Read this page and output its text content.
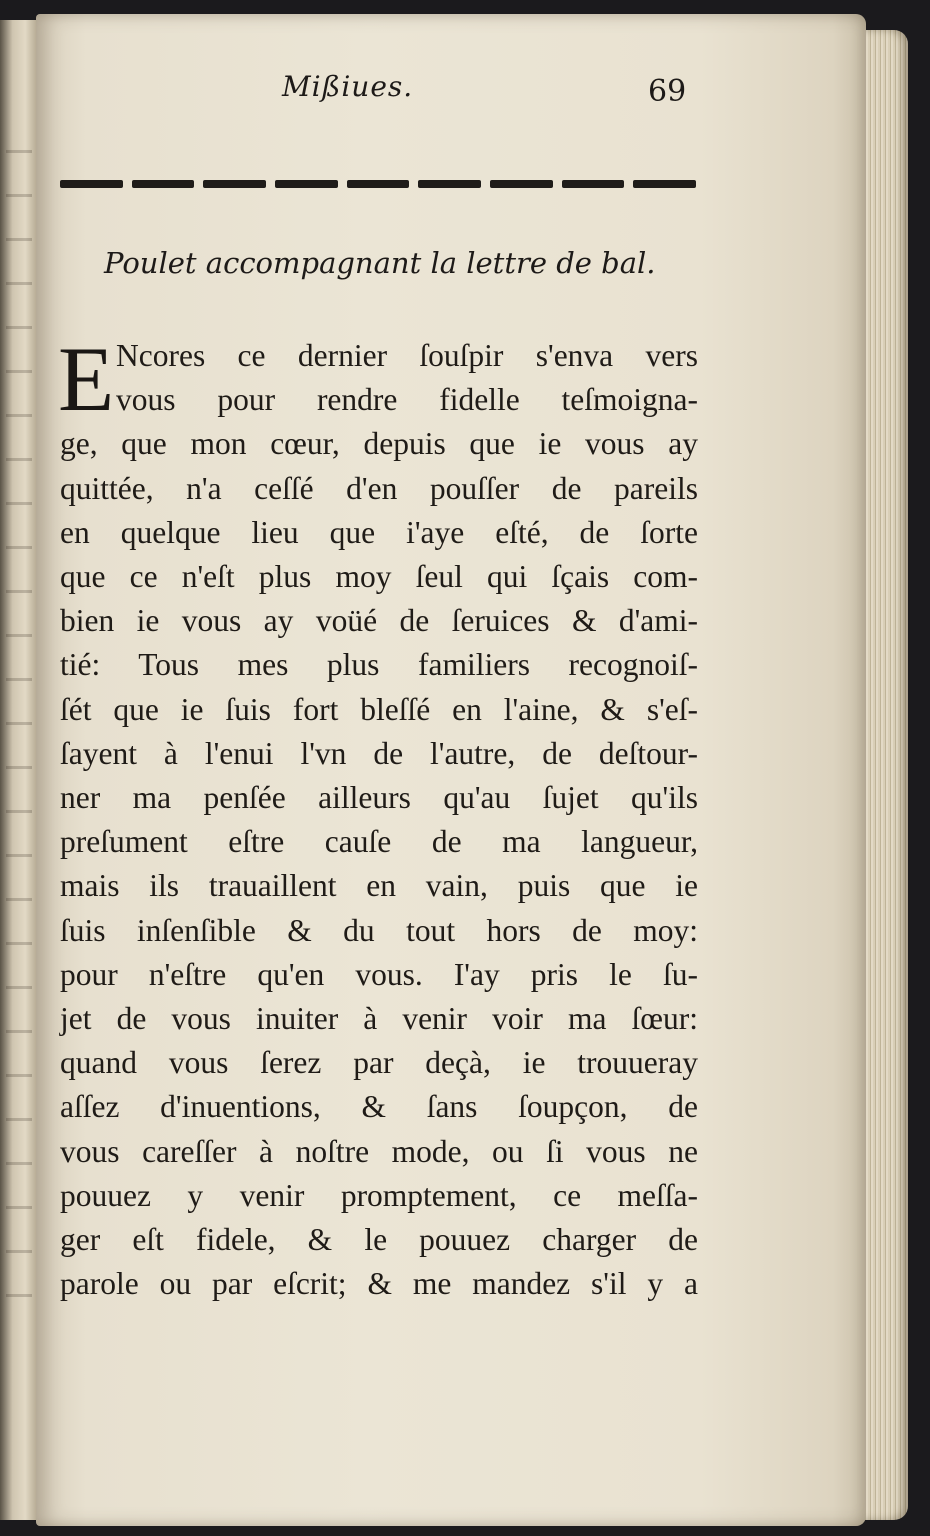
Mißiues.	69
Poulet accompagnant la lettre de bal.
E Ncores ce dernier ſouſpir s'enva vers
vous pour rendre fidelle teſmoigna-
ge, que mon cœur, depuis que ie vous ay
quittée, n'a ceſſé d'en pouſſer de pareils
en quelque lieu que i'aye eſté, de ſorte
que ce n'eſt plus moy ſeul qui ſçais com-
bien ie vous ay voüé de ſeruices & d'ami-
tié: Tous mes plus familiers recognoiſ-
ſét que ie ſuis fort bleſſé en l'aine, & s'eſ-
ſayent à l'enui l'vn de l'autre, de deſtour-
ner ma penſée ailleurs qu'au ſujet qu'ils
preſument eſtre cauſe de ma langueur,
mais ils trauaillent en vain, puis que ie
ſuis inſenſible & du tout hors de moy:
pour n'eſtre qu'en vous. I'ay pris le ſu-
jet de vous inuiter à venir voir ma ſœur:
quand vous ſerez par deçà, ie trouueray
aſſez d'inuentions, & ſans ſoupçon, de
vous careſſer à noſtre mode, ou ſi vous ne
pouuez y venir promptement, ce meſſa-
ger eſt fidele, & le pouuez charger de
parole ou par eſcrit; & me mandez s'il y a
